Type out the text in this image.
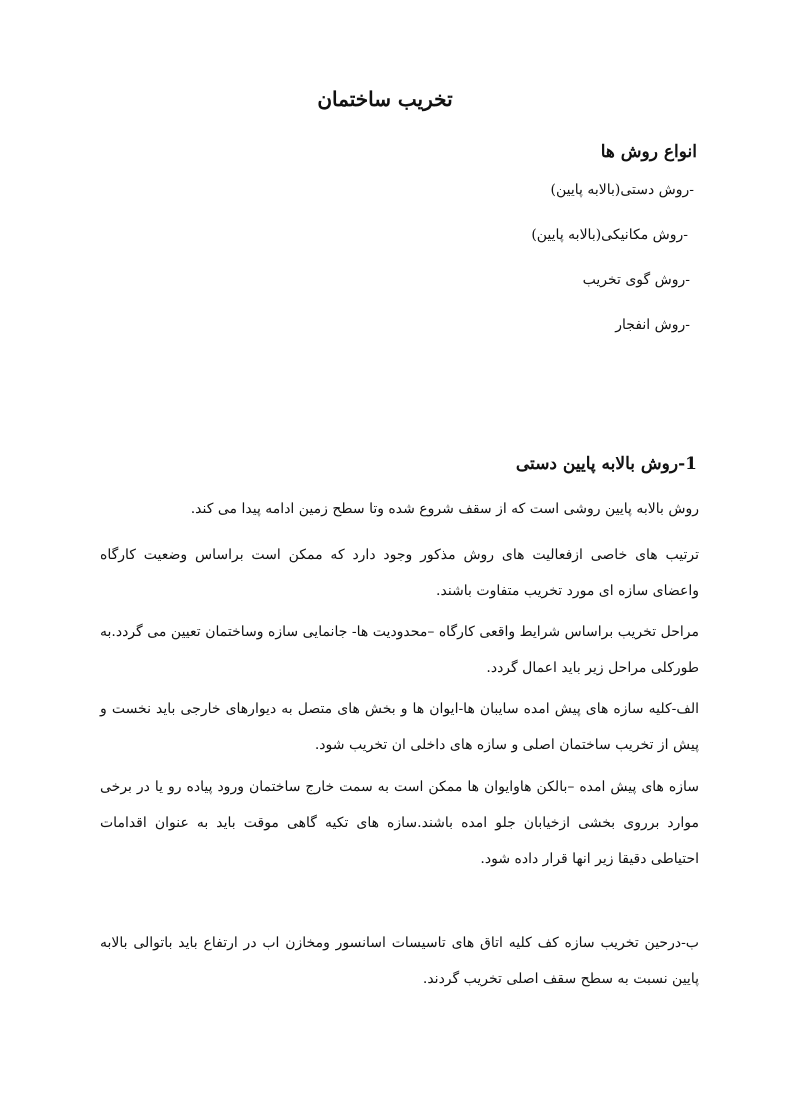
تخریب ساختمان
انواع روش ها
-روش دستی(بالابه پایین)
-روش مکانیکی(بالابه پایین)
-روش گوی تخریب
-روش انفجار
1-روش بالابه پایین دستی

روش بالابه پایین روشی است که از سقف شروع شده وتا سطح زمین ادامه پیدا می کند.

ترتیب های خاصی ازفعالیت های روش مذکور وجود دارد که ممکن است براساس وضعیت کارگاه واعضای سازه ای مورد تخریب متفاوت باشند.

مراحل تخریب براساس شرایط واقعی کارگاه –محدودیت ها- جانمایی سازه وساختمان تعیین می گردد.به طورکلی مراحل زیر باید اعمال گردد.

الف-کلیه سازه های پیش امده سایبان ها-ایوان ها و بخش های متصل به دیوارهای خارجی باید نخست و پیش از تخریب ساختمان اصلی و سازه های داخلی ان تخریب شود.

سازه های پیش امده –بالکن هاوایوان ها ممکن است به سمت خارج ساختمان ورود پیاده رو یا در برخی موارد برروی بخشی ازخیابان جلو امده باشند.سازه های تکیه گاهی موقت باید به عنوان اقدامات احتیاطی دقیقا زیر انها قرار داده شود.

ب-درحین تخریب سازه کف کلیه اتاق های تاسیسات اسانسور ومخازن اب در ارتفاع باید باتوالی بالابه پایین نسبت به سطح سقف اصلی تخریب گردند.
